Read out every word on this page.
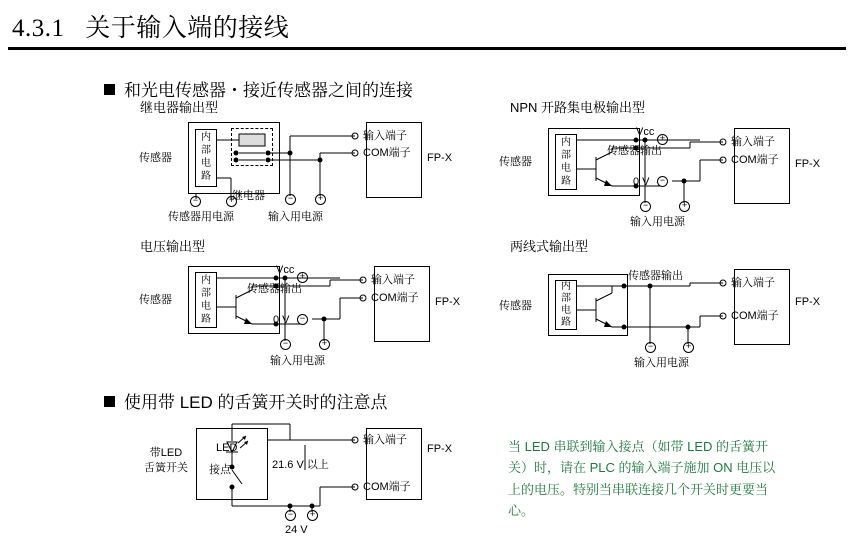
4.3.1 关于输入端的接线
和光电传感器・接近传感器之间的连接
继电器输出型
内
部
电
路
传感器
继电器
−	+	−	+
传感器用电源	输入用电源
输入端子
COM端子 FP-X
NPN 开路集电极输出型
内
部
电
路
传感器
+
−
Vcc
传感器输出
0 V
−	+
输入用电源
输入端子
COM端子 FP-X
电压输出型
内
部
电
路
传感器
+
−
Vcc
传感器输出
0 V
−	+
输入用电源
输入端子
COM端子 FP-X
两线式输出型
内
部
电
路
传感器
传感器输出
−	+
输入用电源
输入端子
COM端子
FP-X
使用带 LED 的舌簧开关时的注意点
LED
接点
带LED
舌簧开关	21.6 V 以上
− +
24 V
输入端子
COM端子
FP-X	当 LED 串联到输入接点（如带 LED 的舌簧开关）时，请在 PLC 的输入端子施加 ON 电压以上的电压。特别当串联连接几个开关时更要当心。
